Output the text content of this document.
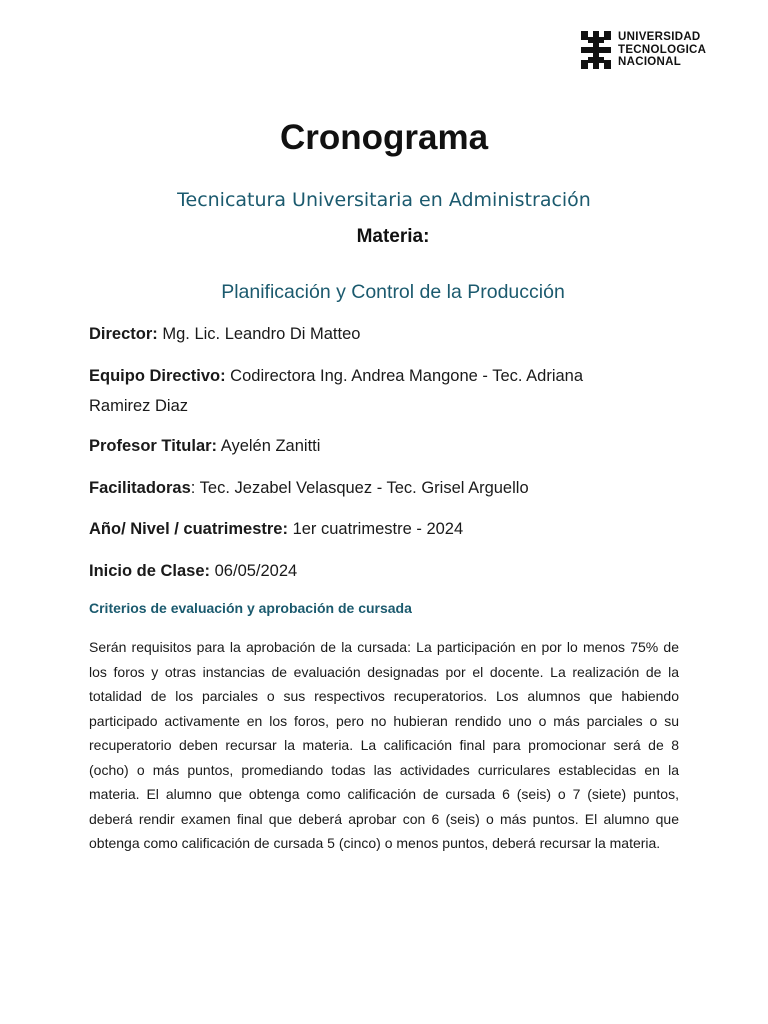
UNIVERSIDAD
TECNOLOGICA
NACIONAL
Cronograma
Tecnicatura Universitaria en Administración
Materia:
Planificación y Control de la Producción
Director: Mg. Lic. Leandro Di Matteo
Equipo Directivo: Codirectora Ing. Andrea Mangone - Tec. Adriana Ramirez Diaz
Profesor Titular: Ayelén Zanitti
Facilitadoras: Tec. Jezabel Velasquez - Tec. Grisel Arguello
Año/ Nivel / cuatrimestre: 1er cuatrimestre - 2024
Inicio de Clase: 06/05/2024
Criterios de evaluación y aprobación de cursada
Serán requisitos para la aprobación de la cursada: La participación en por lo menos 75% de los foros y otras instancias de evaluación designadas por el docente. La realización de la totalidad de los parciales o sus respectivos recuperatorios. Los alumnos que habiendo participado activamente en los foros, pero no hubieran rendido uno o más parciales o su recuperatorio deben recursar la materia. La calificación final para promocionar será de 8 (ocho) o más puntos, promediando todas las actividades curriculares establecidas en la materia. El alumno que obtenga como calificación de cursada 6 (seis) o 7 (siete) puntos, deberá rendir examen final que deberá aprobar con 6 (seis) o más puntos. El alumno que obtenga como calificación de cursada 5 (cinco) o menos puntos, deberá recursar la materia.
